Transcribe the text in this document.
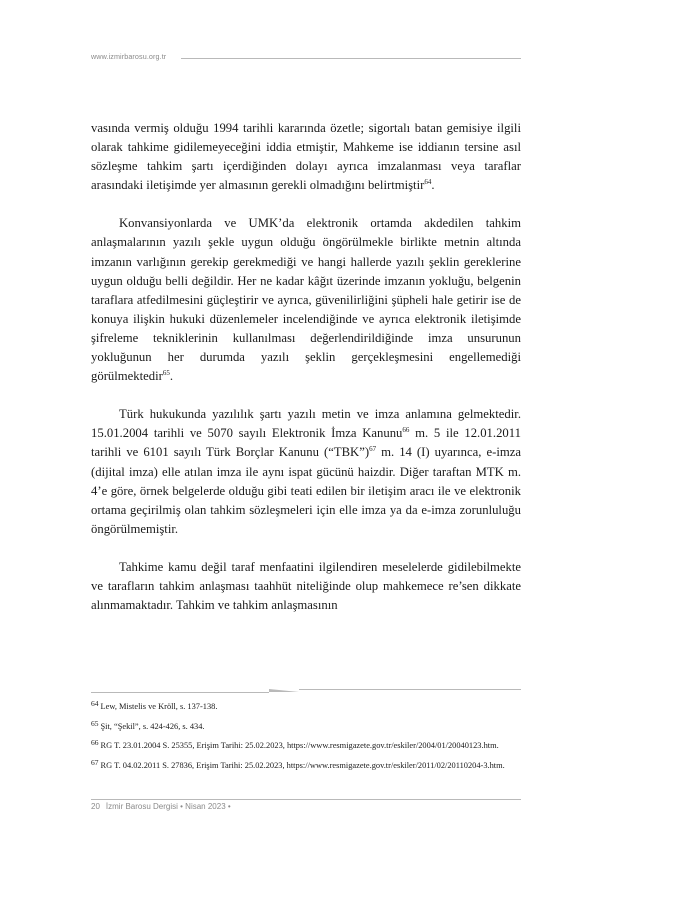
www.izmirbarosu.org.tr

vasında vermiş olduğu 1994 tarihli kararında özetle; sigortalı batan gemisiye ilgili olarak tahkime gidilemeyeceğini iddia etmiştir, Mahkeme ise iddianın tersine asıl sözleşme tahkim şartı içerdiğinden dolayı ayrıca imzalanması veya taraflar arasındaki iletişimde yer almasının gerekli olmadığını belirtmiştir$^{64}$.

Konvansiyonlarda ve UMK’da elektronik ortamda akdedilen tahkim anlaşmalarının yazılı şekle uygun olduğu öngörülmekle birlikte metnin altında imzanın varlığının gerekip gerekmediği ve hangi hallerde yazılı şeklin gereklerine uygun olduğu belli değildir. Her ne kadar kâğıt üzerinde imzanın yokluğu, belgenin taraflara atfedilmesini güçleştirir ve ayrıca, güvenilirliğini şüpheli hale getirir ise de konuya ilişkin hukuki düzenlemeler incelendiğinde ve ayrıca elektronik iletişimde şifreleme tekniklerinin kullanılması değerlendirildiğinde imza unsurunun yokluğunun her durumda yazılı şeklin gerçekleşmesini engellemediği görülmektedir$^{65}$.

Türk hukukunda yazılılık şartı yazılı metin ve imza anlamına gelmektedir. 15.01.2004 tarihli ve 5070 sayılı Elektronik İmza Kanunu$^{66}$ m. 5 ile 12.01.2011 tarihli ve 6101 sayılı Türk Borçlar Kanunu (“TBK”)$^{67}$ m. 14 (I) uyarınca, e-imza (dijital imza) elle atılan imza ile aynı ispat gücünü haizdir. Diğer taraftan MTK m. 4’e göre, örnek belgelerde olduğu gibi teati edilen bir iletişim aracı ile ve elektronik ortama geçirilmiş olan tahkim sözleşmeleri için elle imza ya da e-imza zorunluluğu öngörülmemiştir.

Tahkime kamu değil taraf menfaatini ilgilendiren meselelerde gidilebilmekte ve tarafların tahkim anlaşması taahhüt niteliğinde olup mahkemece re’sen dikkate alınmamaktadır. Tahkim ve tahkim anlaşmasının

$^{64}$ Lew, Mistelis ve Kröll, s. 137-138.

$^{65}$ Şit, “Şekil”, s. 424-426, s. 434.

$^{66}$ RG T. 23.01.2004 S. 25355, Erişim Tarihi: 25.02.2023, https://www.resmigazete.gov.tr/eskiler/2004/01/20040123.htm.

$^{67}$ RG T. 04.02.2011 S. 27836, Erişim Tarihi: 25.02.2023, https://www.resmigazete.gov.tr/eskiler/2011/02/20110204-3.htm.

20 İzmir Barosu Dergisi • Nisan 2023 •
